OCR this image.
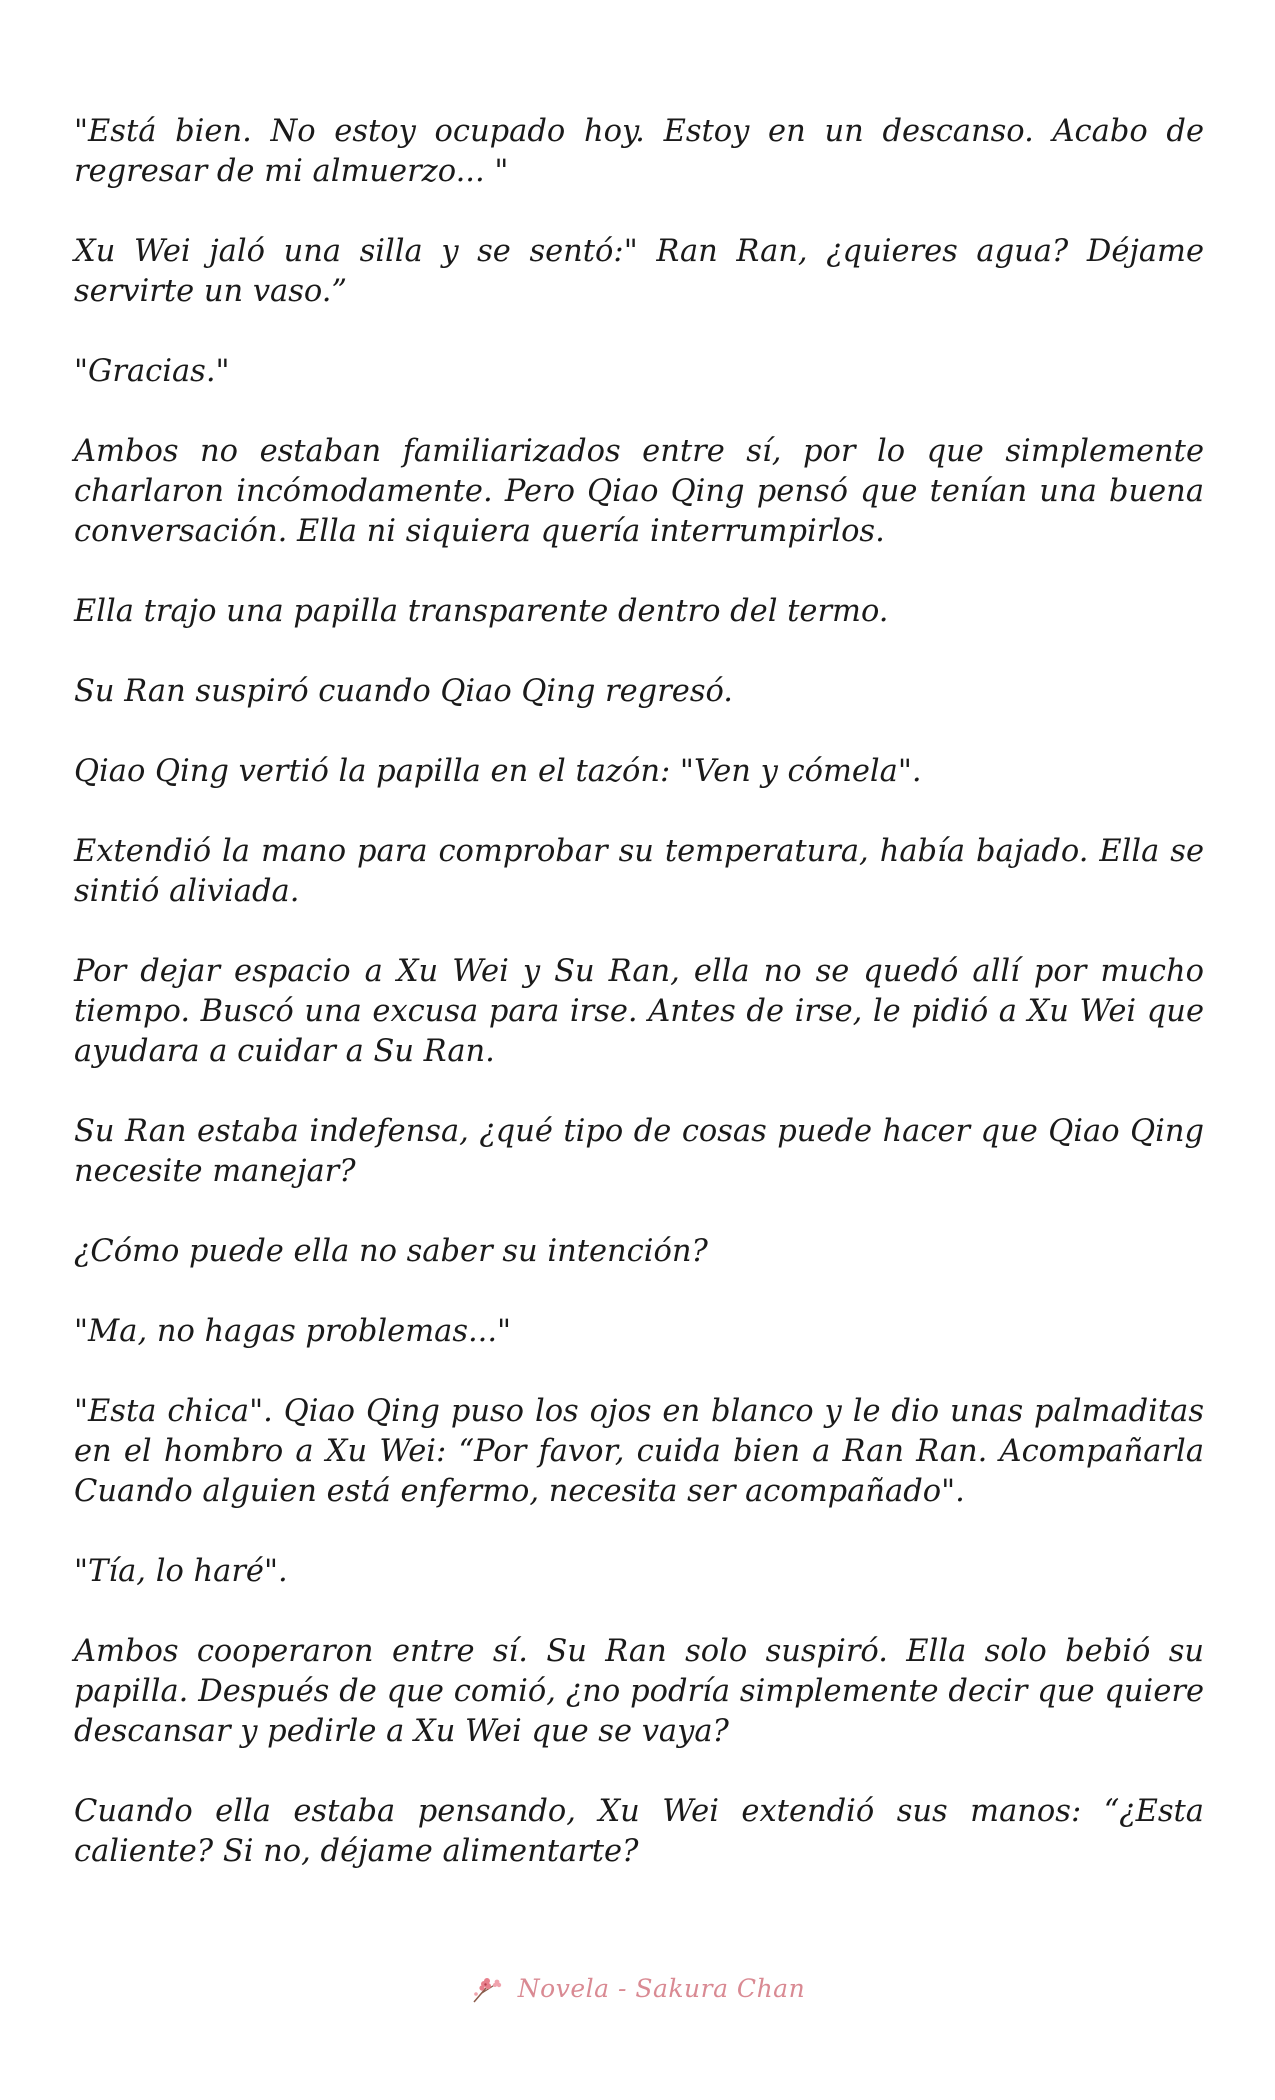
"Está bien. No estoy ocupado hoy. Estoy en un descanso. Acabo de regresar de mi almuerzo... "

Xu Wei jaló una silla y se sentó:" Ran Ran, ¿quieres agua? Déjame servirte un vaso.”

"Gracias."

Ambos no estaban familiarizados entre sí, por lo que simplemente charlaron incómodamente. Pero Qiao Qing pensó que tenían una buena conversación. Ella ni siquiera quería interrumpirlos.

Ella trajo una papilla transparente dentro del termo.

Su Ran suspiró cuando Qiao Qing regresó.

Qiao Qing vertió la papilla en el tazón: "Ven y cómela".

Extendió la mano para comprobar su temperatura, había bajado. Ella se sintió aliviada.

Por dejar espacio a Xu Wei y Su Ran, ella no se quedó allí por mucho tiempo. Buscó una excusa para irse. Antes de irse, le pidió a Xu Wei que ayudara a cuidar a Su Ran.

Su Ran estaba indefensa, ¿qué tipo de cosas puede hacer que Qiao Qing necesite manejar?

¿Cómo puede ella no saber su intención?

"Ma, no hagas problemas..."

"Esta chica". Qiao Qing puso los ojos en blanco y le dio unas palmaditas en el hombro a Xu Wei: “Por favor, cuida bien a Ran Ran. Acompañarla Cuando alguien está enfermo, necesita ser acompañado".

"Tía, lo haré".

Ambos cooperaron entre sí. Su Ran solo suspiró. Ella solo bebió su papilla. Después de que comió, ¿no podría simplemente decir que quiere descansar y pedirle a Xu Wei que se vaya?

Cuando ella estaba pensando, Xu Wei extendió sus manos: “¿Esta caliente? Si no, déjame alimentarte?

Novela - Sakura Chan
